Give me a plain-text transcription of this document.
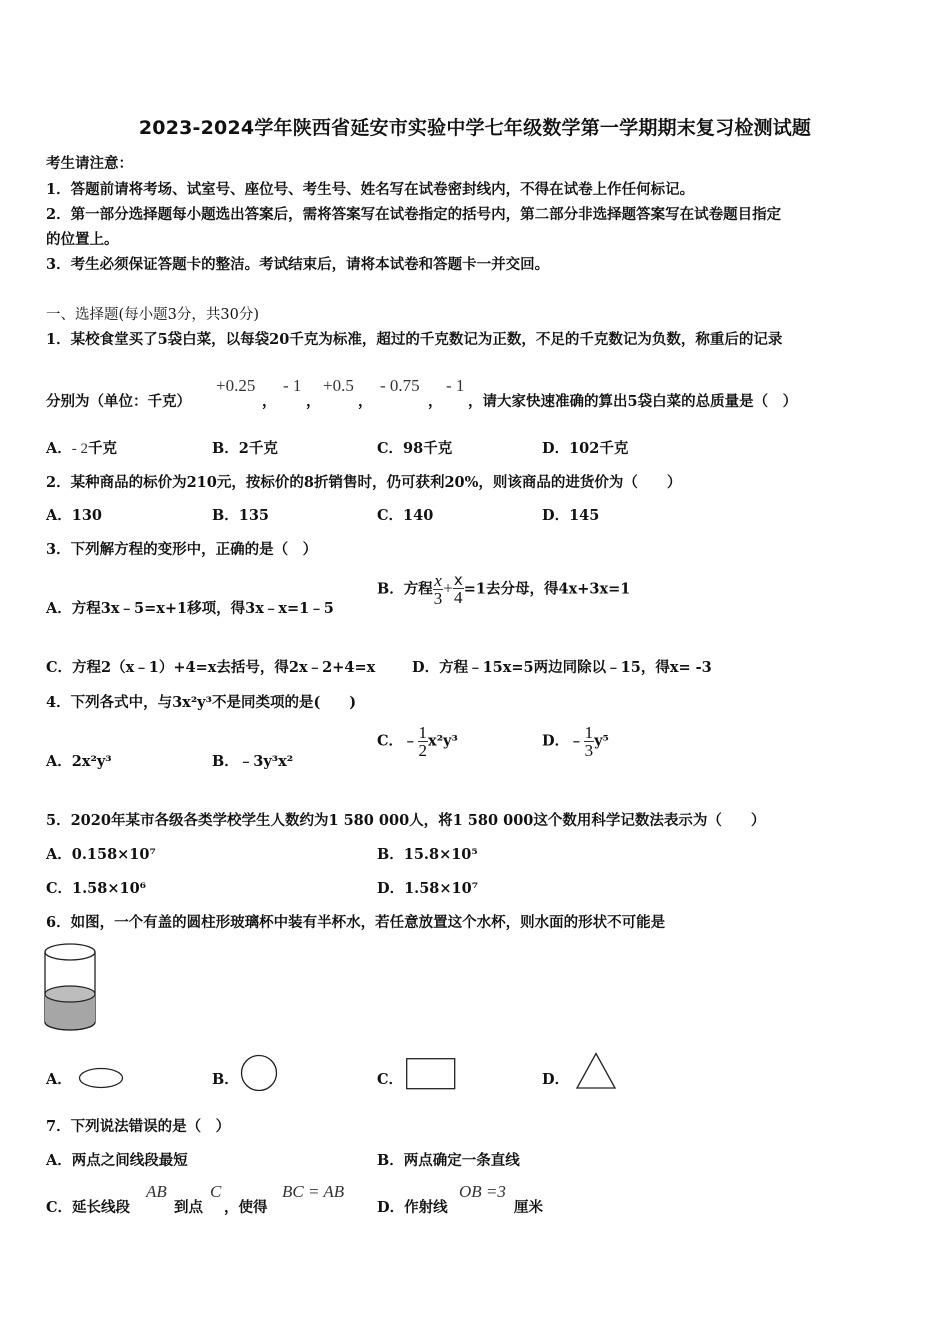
2023-2024学年陕西省延安市实验中学七年级数学第一学期期末复习检测试题
考生请注意：
1．答题前请将考场、试室号、座位号、考生号、姓名写在试卷密封线内，不得在试卷上作任何标记。
2．第一部分选择题每小题选出答案后，需将答案写在试卷指定的括号内，第二部分非选择题答案写在试卷题目指定
的位置上。
3．考生必须保证答题卡的整洁。考试结束后，请将本试卷和答题卡一并交回。
一、选择题(每小题3分，共30分)
1．某校食堂买了5袋白菜，以每袋20千克为标准，超过的千克数记为正数，不足的千克数记为负数，称重后的记录
分别为（单位：千克）
+0.25
，
- 1
，
+0.5
，
- 0.75
，
- 1
，请大家快速准确的算出5袋白菜的总质量是（　）
A．- 2千克	B．2千克	C．98千克	D．102千克
2．某种商品的标价为210元，按标价的8折销售时，仍可获利20%，则该商品的进货价为（　　）
A．130	B．135	C．140	D．145
3．下列解方程的变形中，正确的是（　）
A．方程3x﹣5=x+1移项，得3x﹣x=1﹣5
B．方程 $\frac{x}{3} + \frac{x}{4} =1$去分母，得4x+3x=1
C．方程2（x﹣1）+4=x去括号，得2x﹣2+4=x	D．方程﹣15x=5两边同除以﹣15，得x= -3
4．下列各式中，与3x²y³不是同类项的是(　　)
A．2x²y³	B．﹣3y³x²
C．﹣ $\frac{1}{2} x^2y^3$	D．﹣ $\frac{1}{3} y^5$
5．2020年某市各级各类学校学生人数约为1 580 000人，将1 580 000这个数用科学记数法表示为（　　）
A．0.158×10⁷	B．15.8×10⁵
C．1.58×10⁶	D．1.58×10⁷
6．如图，一个有盖的圆柱形玻璃杯中装有半杯水，若任意放置这个水杯，则水面的形状不可能是
A．	B．	C．	D．
7．下列说法错误的是（　）
A．两点之间线段最短	B．两点确定一条直线
C．延长线段
AB
到点
C
，使得
BC = AB
D．作射线
OB =3
厘米
